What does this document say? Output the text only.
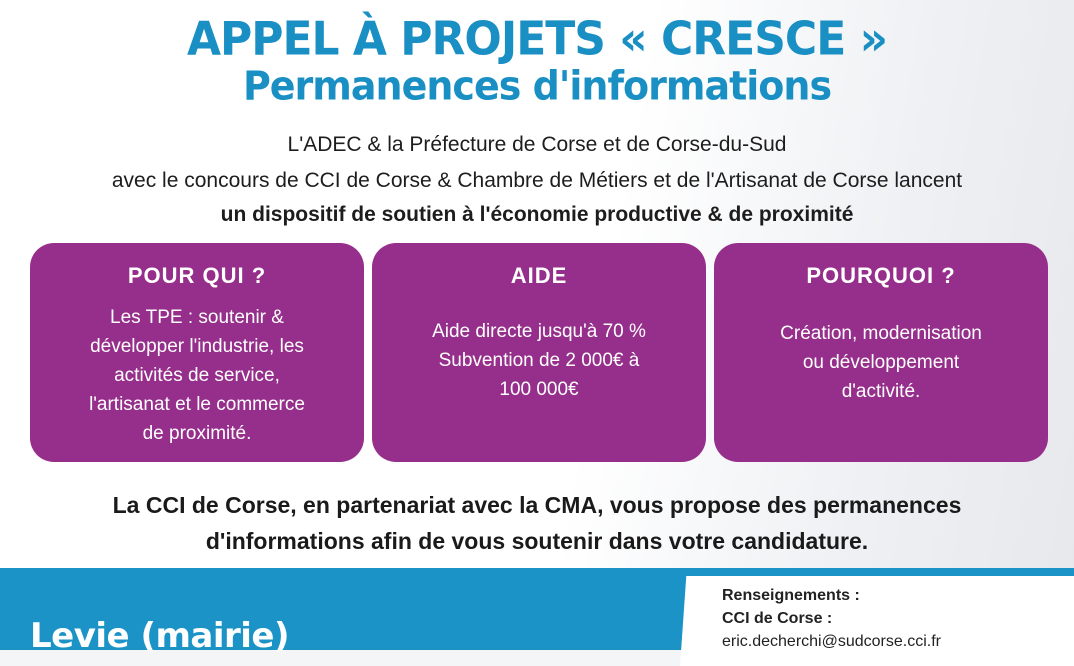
APPEL À PROJETS « CRESCE »
Permanences d'informations
L'ADEC & la Préfecture de Corse et de Corse-du-Sud
avec le concours de CCI de Corse & Chambre de Métiers et de l'Artisanat de Corse lancent
un dispositif de soutien à l'économie productive & de proximité
POUR QUI ?
Les TPE : soutenir &
développer l'industrie, les
activités de service,
l'artisanat et le commerce
de proximité.
AIDE
Aide directe jusqu'à 70 %
Subvention de 2 000€ à
100 000€
POURQUOI ?
Création, modernisation
ou développement
d'activité.
La CCI de Corse, en partenariat avec la CMA, vous propose des permanences
d'informations afin de vous soutenir dans votre candidature.
Levie (mairie)
Renseignements :
CCI de Corse :
eric.decherchi@sudcorse.cci.fr
